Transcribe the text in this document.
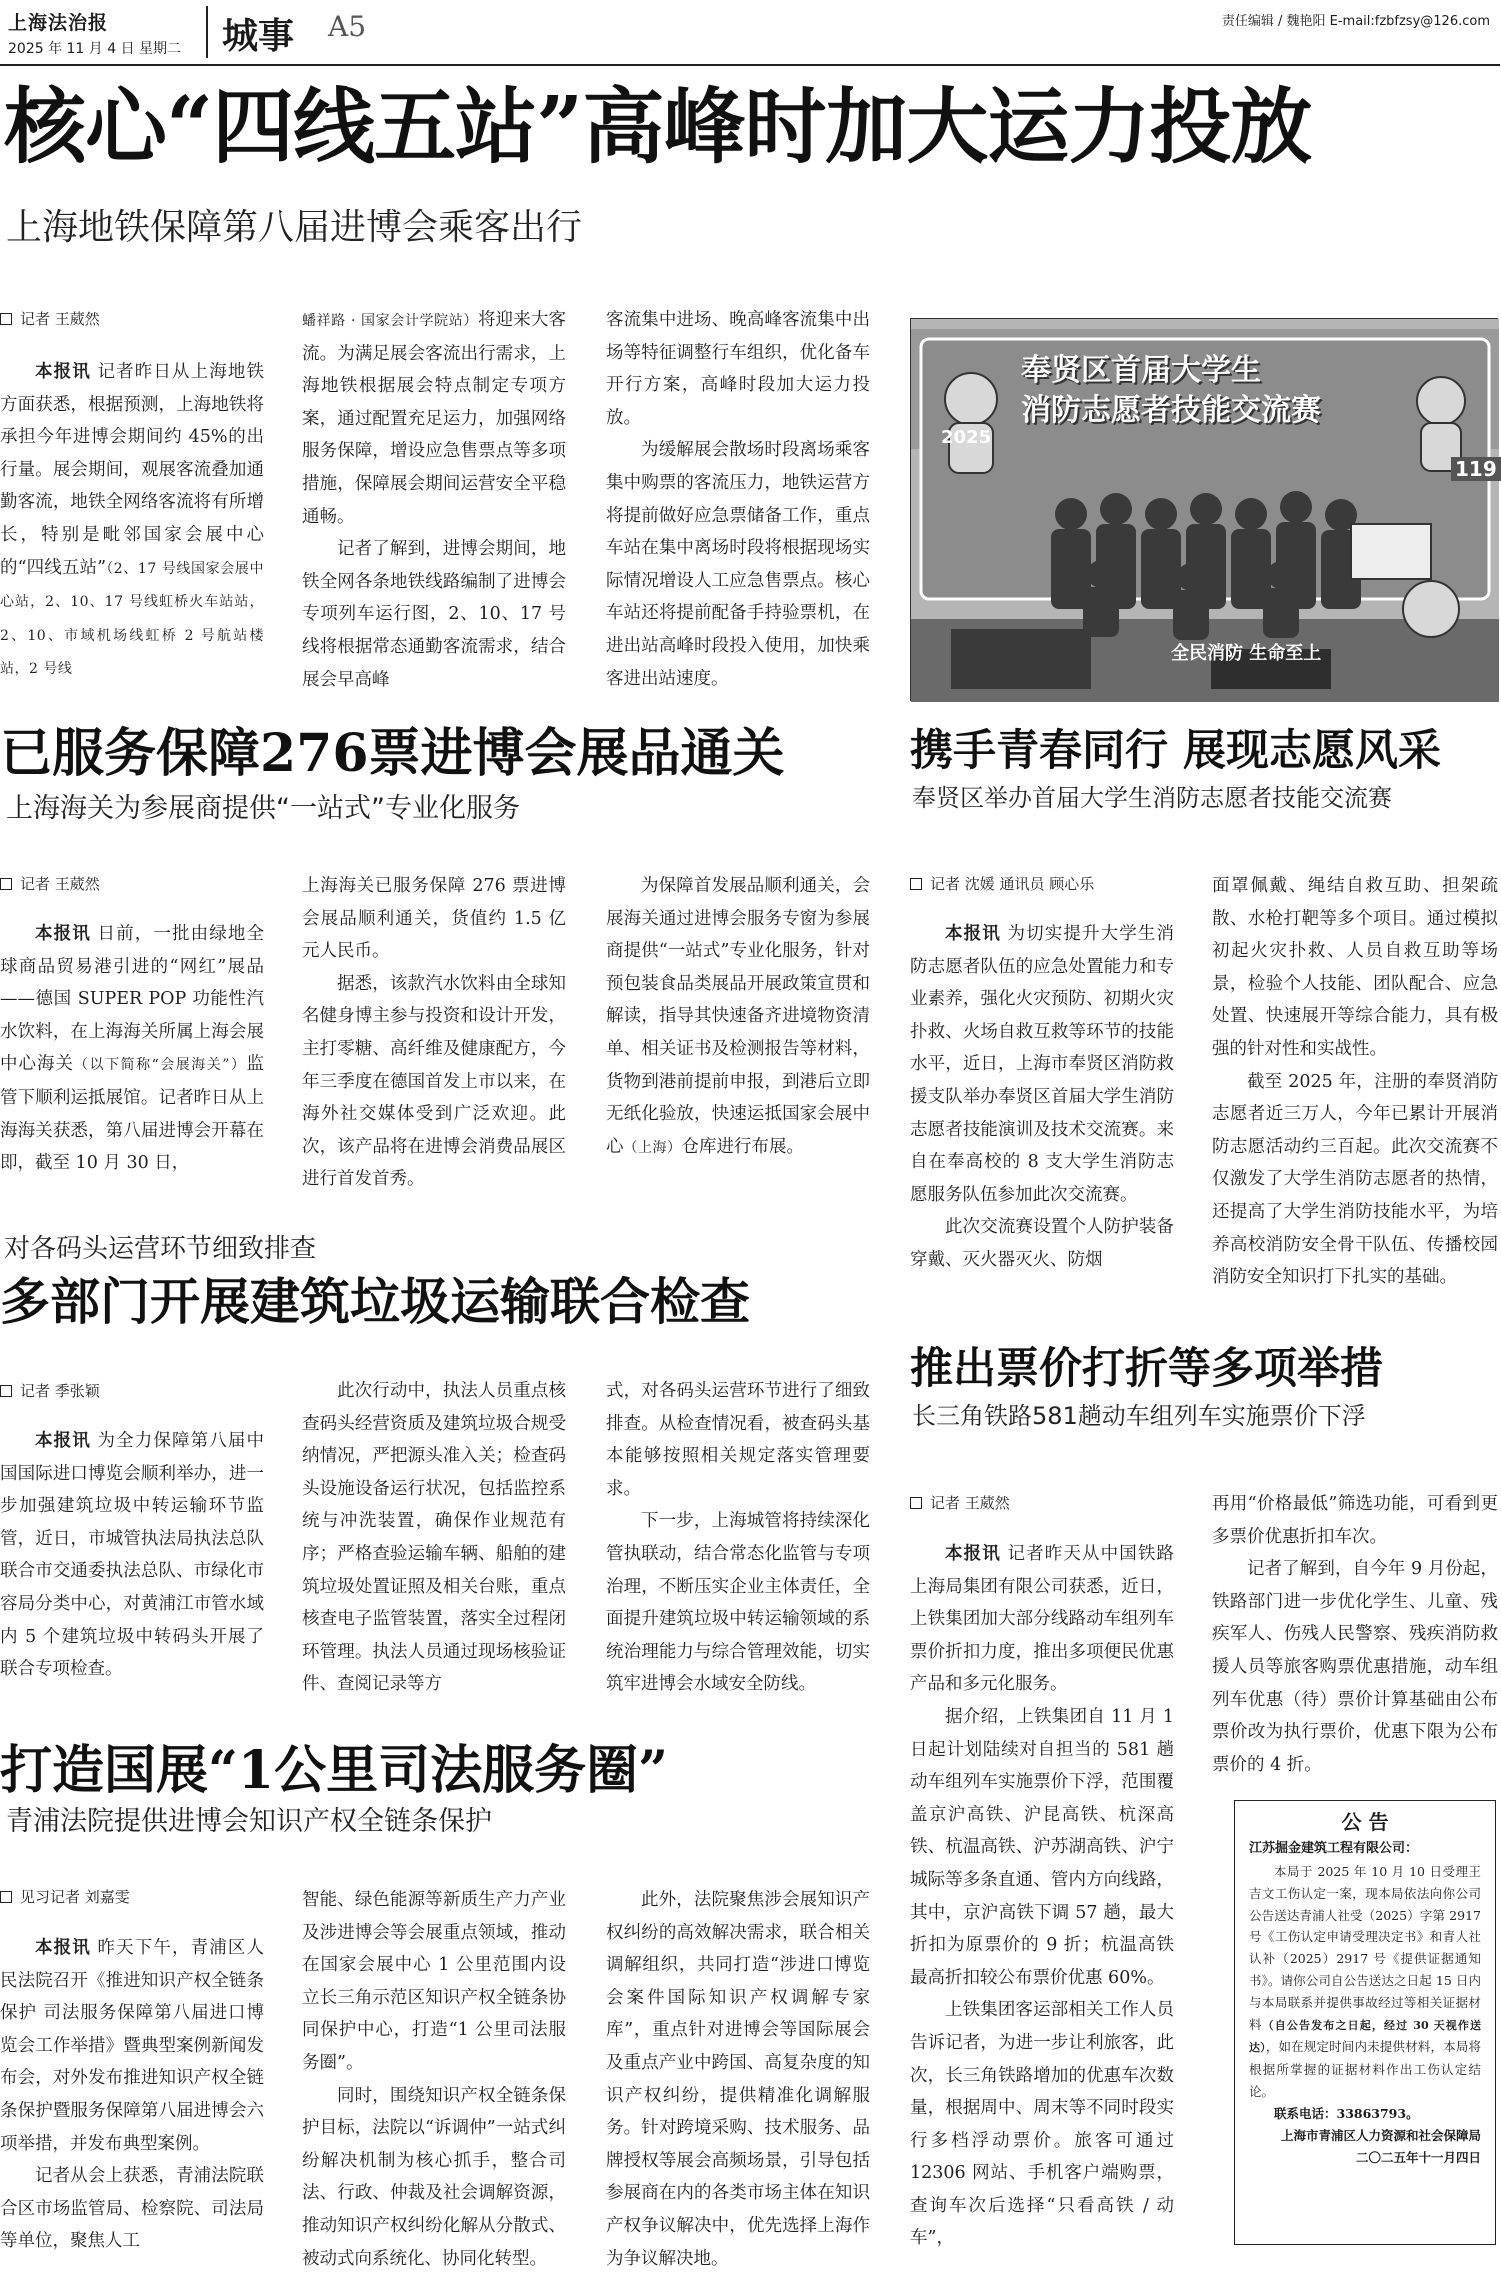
上海法治报
2025 年 11 月 4 日 星期二 城事 A5	责任编辑 / 魏艳阳 E-mail:fzbfzsy@126.com
核心“四线五站”高峰时加大运力投放
上海地铁保障第八届进博会乘客出行
记者 王葳然

本报讯 记者昨日从上海地铁方面获悉，根据预测，上海地铁将承担今年进博会期间约 45%的出行量。展会期间，观展客流叠加通勤客流，地铁全网络客流将有所增长，特别是毗邻国家会展中心的“四线五站”（2、17 号线国家会展中心站，2、10、17 号线虹桥火车站站，2、10、市域机场线虹桥 2 号航站楼站，2 号线

蟠祥路 · 国家会计学院站）将迎来大客流。为满足展会客流出行需求，上海地铁根据展会特点制定专项方案，通过配置充足运力，加强网络服务保障，增设应急售票点等多项措施，保障展会期间运营安全平稳通畅。

记者了解到，进博会期间，地铁全网各条地铁线路编制了进博会专项列车运行图，2、10、17 号线将根据常态通勤客流需求，结合展会早高峰

客流集中进场、晚高峰客流集中出场等特征调整行车组织，优化备车开行方案，高峰时段加大运力投放。

为缓解展会散场时段离场乘客集中购票的客流压力，地铁运营方将提前做好应急票储备工作，重点车站在集中离场时段将根据现场实际情况增设人工应急售票点。核心车站还将提前配备手持验票机，在进出站高峰时段投入使用，加快乘客进出站速度。

奉贤区首届大学生
消防志愿者技能交流赛
2025
119
全民消防 生命至上
已服务保障276票进博会展品通关
上海海关为参展商提供“一站式”专业化服务
记者 王葳然

本报讯 日前，一批由绿地全球商品贸易港引进的“网红”展品——德国 SUPER POP 功能性汽水饮料，在上海海关所属上海会展中心海关（以下简称“会展海关”）监管下顺利运抵展馆。记者昨日从上海海关获悉，第八届进博会开幕在即，截至 10 月 30 日，

上海海关已服务保障 276 票进博会展品顺利通关，货值约 1.5 亿元人民币。

据悉，该款汽水饮料由全球知名健身博主参与投资和设计开发，主打零糖、高纤维及健康配方，今年三季度在德国首发上市以来，在海外社交媒体受到广泛欢迎。此次，该产品将在进博会消费品展区进行首发首秀。

为保障首发展品顺利通关，会展海关通过进博会服务专窗为参展商提供“一站式”专业化服务，针对预包装食品类展品开展政策宣贯和解读，指导其快速备齐进境物资清单、相关证书及检测报告等材料，货物到港前提前申报，到港后立即无纸化验放，快速运抵国家会展中心（上海）仓库进行布展。

携手青春同行 展现志愿风采
奉贤区举办首届大学生消防志愿者技能交流赛
记者 沈媛 通讯员 顾心乐

本报讯 为切实提升大学生消防志愿者队伍的应急处置能力和专业素养，强化火灾预防、初期火灾扑救、火场自救互救等环节的技能水平，近日，上海市奉贤区消防救援支队举办奉贤区首届大学生消防志愿者技能演训及技术交流赛。来自在奉高校的 8 支大学生消防志愿服务队伍参加此次交流赛。

此次交流赛设置个人防护装备穿戴、灭火器灭火、防烟

面罩佩戴、绳结自救互助、担架疏散、水枪打靶等多个项目。通过模拟初起火灾扑救、人员自救互助等场景，检验个人技能、团队配合、应急处置、快速展开等综合能力，具有极强的针对性和实战性。

截至 2025 年，注册的奉贤消防志愿者近三万人，今年已累计开展消防志愿活动约三百起。此次交流赛不仅激发了大学生消防志愿者的热情，还提高了大学生消防技能水平，为培养高校消防安全骨干队伍、传播校园消防安全知识打下扎实的基础。

对各码头运营环节细致排查
多部门开展建筑垃圾运输联合检查
记者 季张颖

本报讯 为全力保障第八届中国国际进口博览会顺利举办，进一步加强建筑垃圾中转运输环节监管，近日，市城管执法局执法总队联合市交通委执法总队、市绿化市容局分类中心，对黄浦江市管水域内 5 个建筑垃圾中转码头开展了联合专项检查。

此次行动中，执法人员重点核查码头经营资质及建筑垃圾合规受纳情况，严把源头准入关；检查码头设施设备运行状况，包括监控系统与冲洗装置，确保作业规范有序；严格查验运输车辆、船舶的建筑垃圾处置证照及相关台账，重点核查电子监管装置，落实全过程闭环管理。执法人员通过现场核验证件、查阅记录等方

式，对各码头运营环节进行了细致排查。从检查情况看，被查码头基本能够按照相关规定落实管理要求。

下一步，上海城管将持续深化管执联动，结合常态化监管与专项治理，不断压实企业主体责任，全面提升建筑垃圾中转运输领域的系统治理能力与综合管理效能，切实筑牢进博会水域安全防线。

推出票价打折等多项举措
长三角铁路581趟动车组列车实施票价下浮
记者 王葳然

本报讯 记者昨天从中国铁路上海局集团有限公司获悉，近日，上铁集团加大部分线路动车组列车票价折扣力度，推出多项便民优惠产品和多元化服务。

据介绍，上铁集团自 11 月 1 日起计划陆续对自担当的 581 趟动车组列车实施票价下浮，范围覆盖京沪高铁、沪昆高铁、杭深高铁、杭温高铁、沪苏湖高铁、沪宁城际等多条直通、管内方向线路，其中，京沪高铁下调 57 趟，最大折扣为原票价的 9 折；杭温高铁最高折扣较公布票价优惠 60%。

上铁集团客运部相关工作人员告诉记者，为进一步让利旅客，此次，长三角铁路增加的优惠车次数量，根据周中、周末等不同时段实行多档浮动票价。旅客可通过 12306 网站、手机客户端购票，查询车次后选择“只看高铁 / 动车”，

再用“价格最低”筛选功能，可看到更多票价优惠折扣车次。

记者了解到，自今年 9 月份起，铁路部门进一步优化学生、儿童、残疾军人、伤残人民警察、残疾消防救援人员等旅客购票优惠措施，动车组列车优惠（待）票价计算基础由公布票价改为执行票价，优惠下限为公布票价的 4 折。

公 告
江苏掘金建筑工程有限公司：
本局于 2025 年 10 月 10 日受理王吉文工伤认定一案，现本局依法向你公司公告送达青浦人社受（2025）字第 2917 号《工伤认定申请受理决定书》和青人社认补（2025）2917 号《提供证据通知书》。请你公司自公告送达之日起 15 日内与本局联系并提供事故经过等相关证据材料（自公告发布之日起，经过 30 天视作送达），如在规定时间内未提供材料，本局将根据所掌握的证据材料作出工伤认定结论。
联系电话：33863793。
上海市青浦区人力资源和社会保障局
二〇二五年十一月四日
打造国展“1公里司法服务圈”
青浦法院提供进博会知识产权全链条保护
见习记者 刘嘉雯

本报讯 昨天下午，青浦区人民法院召开《推进知识产权全链条保护 司法服务保障第八届进口博览会工作举措》暨典型案例新闻发布会，对外发布推进知识产权全链条保护暨服务保障第八届进博会六项举措，并发布典型案例。

记者从会上获悉，青浦法院联合区市场监管局、检察院、司法局等单位，聚焦人工

智能、绿色能源等新质生产力产业及涉进博会等会展重点领域，推动在国家会展中心 1 公里范围内设立长三角示范区知识产权全链条协同保护中心，打造“1 公里司法服务圈”。

同时，围绕知识产权全链条保护目标，法院以“诉调仲”一站式纠纷解决机制为核心抓手，整合司法、行政、仲裁及社会调解资源，推动知识产权纠纷化解从分散式、被动式向系统化、协同化转型。

此外，法院聚焦涉会展知识产权纠纷的高效解决需求，联合相关调解组织，共同打造“涉进口博览会案件国际知识产权调解专家库”，重点针对进博会等国际展会及重点产业中跨国、高复杂度的知识产权纠纷，提供精准化调解服务。针对跨境采购、技术服务、品牌授权等展会高频场景，引导包括参展商在内的各类市场主体在知识产权争议解决中，优先选择上海作为争议解决地。
